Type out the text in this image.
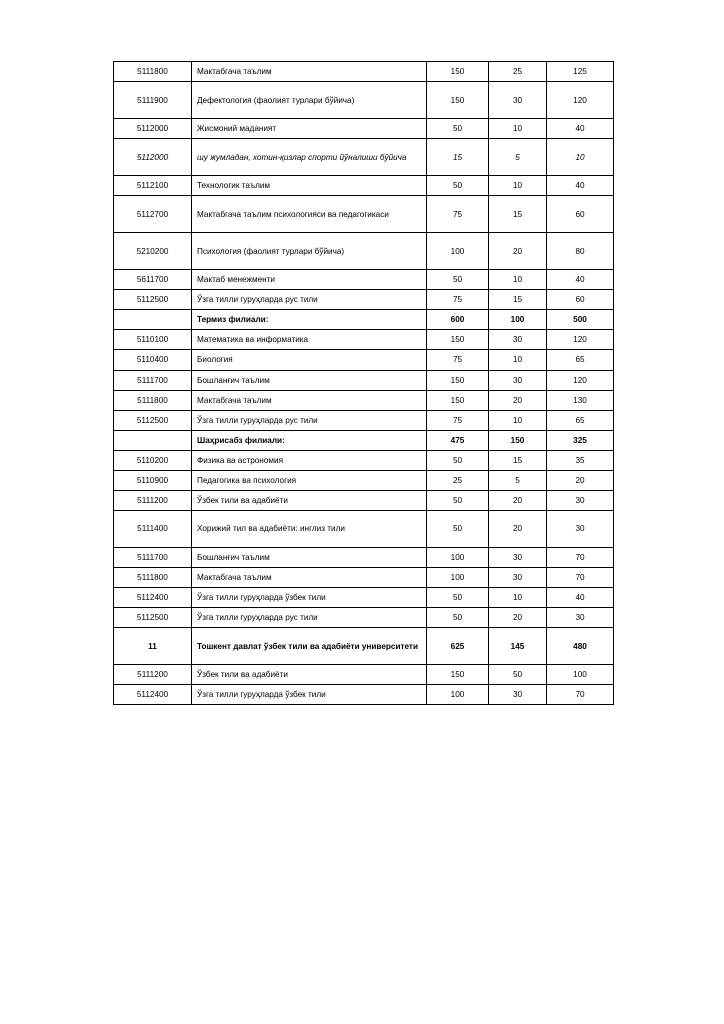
5111800	Мактабгача таълим	150	25	125
5111900	Дефектология (фаолият турлари бўйича)	150	30	120
5112000	Жисмоний маданият	50	10	40
5112000	шу жумладан, хотин-қизлар спорти йўналиши бўйича	15	5	10
5112100	Технологик таълим	50	10	40
5112700	Мактабгача таълим психологияси ва педагогикаси	75	15	60
5210200	Психология (фаолият турлари бўйича)	100	20	80
5611700	Мактаб менежменти	50	10	40
5112500	Ўзга тилли гуруҳларда рус тили	75	15	60
	Термиз филиали:	600	100	500
5110100	Математика ва информатика	150	30	120
5110400	Биология	75	10	65
5111700	Бошланғич таълим	150	30	120
5111800	Мактабгача таълим	150	20	130
5112500	Ўзга тилли гуруҳларда рус тили	75	10	65
	Шаҳрисабз филиали:	475	150	325
5110200	Физика ва астрономия	50	15	35
5110900	Педагогика ва психология	25	5	20
5111200	Ўзбек тили ва адабиёти	50	20	30
5111400	Хорижий тил ва адабиёти: инглиз тили	50	20	30
5111700	Бошланғич таълим	100	30	70
5111800	Мактабгача таълим	100	30	70
5112400	Ўзга тилли гуруҳларда ўзбек тили	50	10	40
5112500	Ўзга тилли гуруҳларда рус тили	50	20	30
11	Тошкент давлат ўзбек тили ва адабиёти университети	625	145	480
5111200	Ўзбек тили ва адабиёти	150	50	100
5112400	Ўзга тилли гуруҳларда ўзбек тили	100	30	70
